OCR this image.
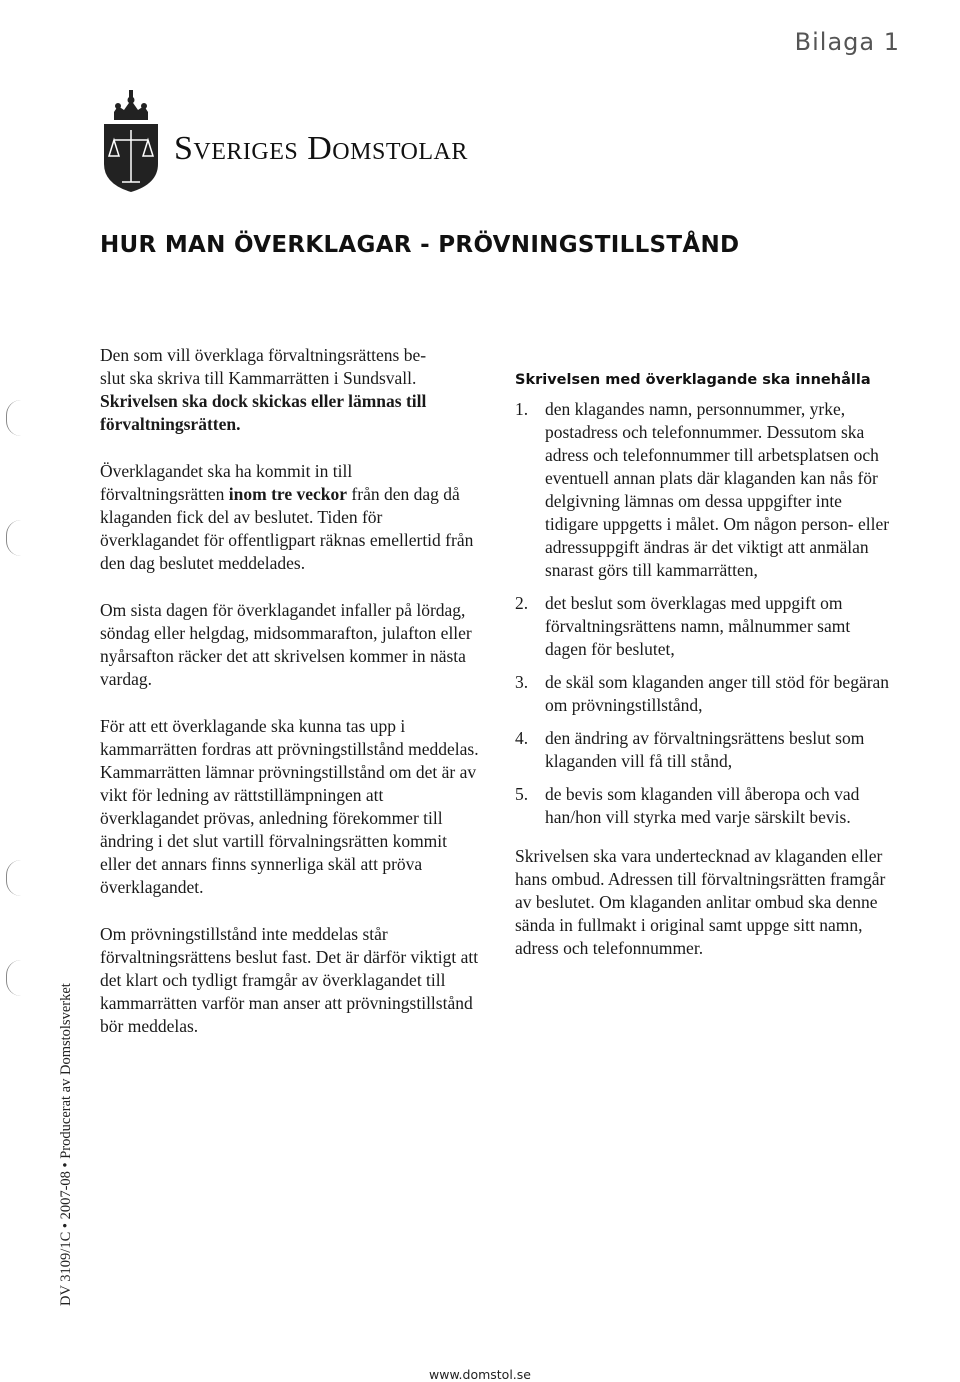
Bilaga 1
Sveriges Domstolar
HUR MAN ÖVERKLAGAR - PRÖVNINGSTILLSTÅND

Den som vill överklaga förvaltningsrättens be-

slut ska skriva till Kammarrätten i Sundsvall.

Skrivelsen ska dock skickas eller lämnas till förvaltningsrätten.

Överklagandet ska ha kommit in till förvaltningsrätten inom tre veckor från den dag då klaganden fick del av beslutet. Tiden för överklagandet för offentligpart räknas emellertid från den dag beslutet meddelades.

Om sista dagen för överklagandet infaller på lördag, söndag eller helgdag, midsommarafton, julafton eller nyårsafton räcker det att skrivelsen kommer in nästa vardag.

För att ett överklagande ska kunna tas upp i kammarrätten fordras att prövningstillstånd meddelas. Kammarrätten lämnar prövningstillstånd om det är av vikt för ledning av rättstillämpningen att överklagandet prövas, anledning förekommer till ändring i det slut vartill förvalningsrätten kommit eller det annars finns synnerliga skäl att pröva överklagandet.

Om prövningstillstånd inte meddelas står förvaltningsrättens beslut fast. Det är därför viktigt att det klart och tydligt framgår av överklagandet till kammarrätten varför man anser att prövningstillstånd bör meddelas.

Skrivelsen med överklagande ska innehålla
1. den klagandes namn, personnummer, yrke, postadress och telefonnummer. Dessutom ska adress och telefonnummer till arbetsplatsen och eventuell annan plats där klaganden kan nås för delgivning lämnas om dessa uppgifter inte tidigare uppgetts i målet. Om någon person- eller adressuppgift ändras är det viktigt att anmälan snarast görs till kammarrätten,
2. det beslut som överklagas med uppgift om förvaltningsrättens namn, målnummer samt dagen för beslutet,
3. de skäl som klaganden anger till stöd för begäran om prövningstillstånd,
4. den ändring av förvaltningsrättens beslut som klaganden vill få till stånd,
5. de bevis som klaganden vill åberopa och vad han/hon vill styrka med varje särskilt bevis.

Skrivelsen ska vara undertecknad av klaganden eller hans ombud. Adressen till förvaltningsrätten framgår av beslutet. Om klaganden anlitar ombud ska denne sända in fullmakt i original samt uppge sitt namn, adress och telefonnummer.

DV 3109/1C • 2007-08 • Producerat av Domstolsverket
www.domstol.se
